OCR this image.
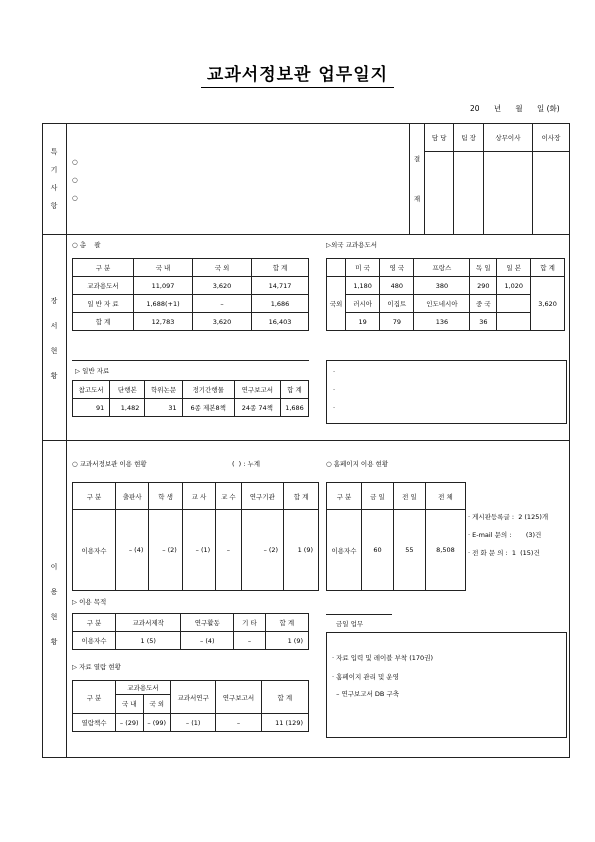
교과서정보관 업무일지
20      년      월      일 (화)
특
기
사
항
○
○
○
결
재	담 당	팀 장	상무이사	이사장

장
서
현
황
○ 총    괄
구 분	국 내	국 외	합 계
교과용도서	11,097	3,620	14,717
일 반 자 료	1,688(+1)	–	1,686
합 계	12,783	3,620	16,403
▷외국 교과용도서
	미 국	영 국	프랑스	독 일	일 본	합 계
국외	1,180	480	380	290	1,020	3,620
	러시아	이집트	인도네시아	중 국		
	19	79	136	36		
▷ 일반 자료
참고도서	단행본	학위논문	정기간행물	연구보고서	합 계
91	1,482	31	6종 제본8책	24종 74책	1,686
·
·
·
이
용
현
황
○ 교과서정보관 이용 현황	(  ) : 누계
구 분	출판사	학 생	교 사	교 수	연구기관	합 계
이용자수	– (4)	– (2)	– (1)	–	– (2)	1 (9)
○ 홈페이지 이용 현황
구 분	금 일	전 일	전 체
이용자수	60	55	8,508
· 게시판등록글 :  2 (125)개
· E-mail 문의 :       (3)건
· 전 화 문 의 :  1  (15)건
▷ 이용 목적
구 분	교과서제작	연구활동	기 타	합 계
이용자수	1 (5)	– (4)	–	1 (9)
▷ 자료 열람 현황
구 분	교과용도서		교과서연구	연구보고서	합 계
	국 내	국 외			
열람책수	– (29)	– (99)	– (1)	–	11 (129)
금일 업무
· 자료 입력 및 레이블 부착 (170권)
· 홈페이지 관리 및 운영
– 연구보고서 DB 구축
